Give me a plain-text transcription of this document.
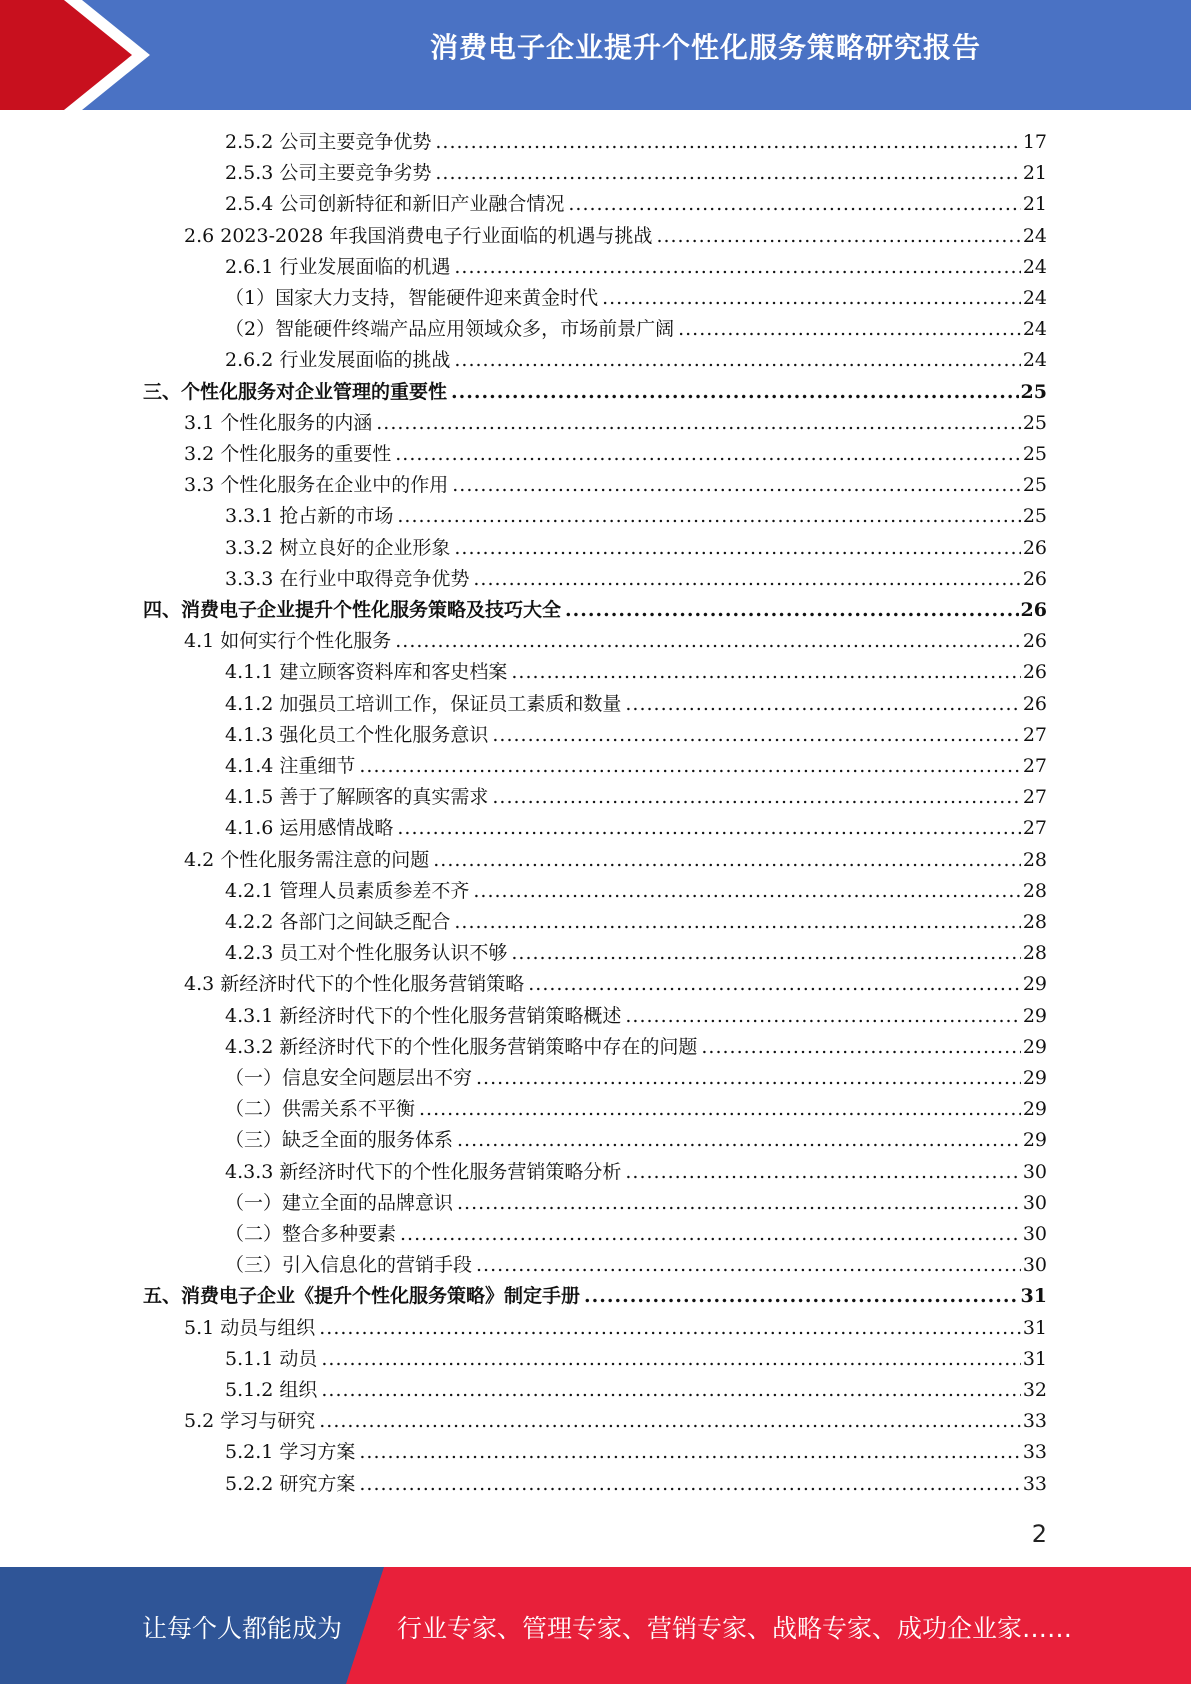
消费电子企业提升个性化服务策略研究报告
2.5.2 公司主要竞争优势 .....	17
2.5.3 公司主要竞争劣势 .....	21
2.5.4 公司创新特征和新旧产业融合情况 .....	21
2.6 2023-2028 年我国消费电子行业面临的机遇与挑战 .....	24
2.6.1 行业发展面临的机遇 .....	24
（1）国家大力支持，智能硬件迎来黄金时代 .....	24
（2）智能硬件终端产品应用领域众多，市场前景广阔 .....	24
2.6.2 行业发展面临的挑战 .....	24
三、个性化服务对企业管理的重要性 .....	25
3.1 个性化服务的内涵 .....	25
3.2 个性化服务的重要性 .....	25
3.3 个性化服务在企业中的作用 .....	25
3.3.1 抢占新的市场 .....	25
3.3.2 树立良好的企业形象 .....	26
3.3.3 在行业中取得竞争优势 .....	26
四、消费电子企业提升个性化服务策略及技巧大全 .....	26
4.1 如何实行个性化服务 .....	26
4.1.1 建立顾客资料库和客史档案 .....	26
4.1.2 加强员工培训工作，保证员工素质和数量 .....	26
4.1.3 强化员工个性化服务意识 .....	27
4.1.4 注重细节 .....	27
4.1.5 善于了解顾客的真实需求 .....	27
4.1.6 运用感情战略 .....	27
4.2 个性化服务需注意的问题 .....	28
4.2.1 管理人员素质参差不齐 .....	28
4.2.2 各部门之间缺乏配合 .....	28
4.2.3 员工对个性化服务认识不够 .....	28
4.3 新经济时代下的个性化服务营销策略 .....	29
4.3.1 新经济时代下的个性化服务营销策略概述 .....	29
4.3.2 新经济时代下的个性化服务营销策略中存在的问题 .....	29
（一）信息安全问题层出不穷 .....	29
（二）供需关系不平衡 .....	29
（三）缺乏全面的服务体系 .....	29
4.3.3 新经济时代下的个性化服务营销策略分析 .....	30
（一）建立全面的品牌意识 .....	30
（二）整合多种要素 .....	30
（三）引入信息化的营销手段 .....	30
五、消费电子企业《提升个性化服务策略》制定手册 .....	31
5.1 动员与组织 .....	31
5.1.1 动员 .....	31
5.1.2 组织 .....	32
5.2 学习与研究 .....	33
5.2.1 学习方案 .....	33
5.2.2 研究方案 .....	33
2
让每个人都能成为 行业专家、管理专家、营销专家、战略专家、成功企业家……
